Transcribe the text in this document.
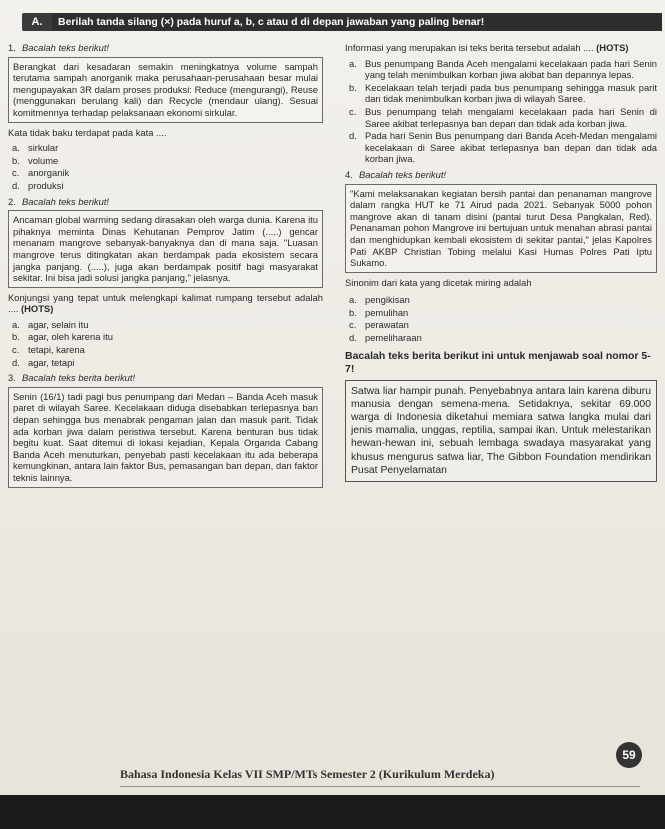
A.	Berilah tanda silang (×) pada huruf a, b, c atau d di depan jawaban yang paling benar!
1. Bacalah teks berikut!
Berangkat dari kesadaran semakin meningkatnya volume sampah terutama sampah anorganik maka perusahaan-perusahaan besar mulai mengupayakan 3R dalam proses produksi: Reduce (mengurangi), Reuse (menggunakan berulang kali) dan Recycle (mendaur ulang). Sesuai komitmennya terhadap pelaksanaan ekonomi sirkular.
Kata tidak baku terdapat pada kata ....
a. sirkular
b. volume
c. anorganik
d. produksi
2. Bacalah teks berikut!
Ancaman global warming sedang dirasakan oleh warga dunia. Karena itu pihaknya meminta Dinas Kehutanan Pemprov Jatim (.....) gencar menanam mangrove sebanyak-banyaknya dan di mana saja. "Luasan mangrove terus ditingkatan akan berdampak pada ekosistem secara jangka panjang. (.....), juga akan berdampak positif bagi masyarakat sekitar. Ini bisa jadi solusi jangka panjang," jelasnya.
Konjungsi yang tepat untuk melengkapi kalimat rumpang tersebut adalah .... (HOTS)
a. agar, selain itu
b. agar, oleh karena itu
c. tetapi, karena
d. agar, tetapi
3. Bacalah teks berita berikut!
Senin (16/1) tadi pagi bus penumpang dari Medan – Banda Aceh masuk paret di wilayah Saree. Kecelakaan diduga disebabkan terlepasnya ban depan sehingga bus menabrak pengaman jalan dan masuk parit. Tidak ada korban jiwa dalam peristiwa tersebut. Karena benturan bus tidak begitu kuat. Saat ditemui di lokasi kejadian, Kepala Organda Cabang Banda Aceh menuturkan, penyebab pasti kecelakaan itu ada beberapa kemungkinan, antara lain faktor Bus, pemasangan ban depan, dan faktor teknis lainnya.
Informasi yang merupakan isi teks berita tersebut adalah .... (HOTS)
a. Bus penumpang Banda Aceh mengalami kecelakaan pada hari Senin yang telah menimbulkan korban jiwa akibat ban depannya lepas.
b. Kecelakaan telah terjadi pada bus penumpang sehingga masuk parit dan tidak menimbulkan korban jiwa di wilayah Saree.
c. Bus penumpang telah mengalami kecelakaan pada hari Senin di Saree akibat terlepasnya ban depan dan tidak ada korban jiwa.
d. Pada hari Senin Bus penumpang dari Banda Aceh-Medan mengalami kecelakaan di Saree akibat terlepasnya ban depan dan tidak ada korban jiwa.
4. Bacalah teks berikut!
"Kami melaksanakan kegiatan bersih pantai dan penanaman mangrove dalam rangka HUT ke 71 Airud pada 2021. Sebanyak 5000 pohon mangrove akan di tanam disini (pantai turut Desa Pangkalan, Red). Penanaman pohon Mangrove ini bertujuan untuk menahan abrasi pantai dan menghidupkan kembali ekosistem di sekitar pantai," jelas Kapolres Pati AKBP Christian Tobing melalui Kasi Humas Polres Pati Iptu Sukamo.
Sinonim dari kata yang dicetak miring adalah
a. pengikisan
b. pemulihan
c. perawatan
d. pemeliharaan
Bacalah teks berita berikut ini untuk menjawab soal nomor 5-7!
Satwa liar hampir punah. Penyebabnya antara lain karena diburu manusia dengan semena-mena. Setidaknya, sekitar 69.000 warga di Indonesia diketahui memiara satwa langka mulai dari jenis mamalia, unggas, reptilia, sampai ikan. Untuk melestarikan hewan-hewan ini, sebuah lembaga swadaya masyarakat yang khusus mengurus satwa liar, The Gibbon Foundation mendirikan Pusat Penyelamatan
59
Bahasa Indonesia Kelas VII SMP/MTs Semester 2 (Kurikulum Merdeka)
